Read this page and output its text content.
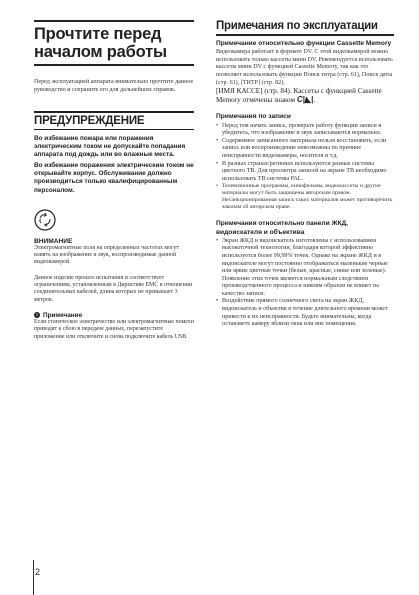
Прочтите перед началом работы
Перед эксплуатацией аппарата внимательно прочтите данное руководство и сохраните его для дальнейших справок.
ПРЕДУПРЕЖДЕНИЕ
Во избежание пожара или поражения электрическим током не допускайте попадания аппарата под дождь или во влажные места.
Во избежание поражения электрическим током не открывайте корпус. Обслуживание должно производиться только квалифицированным персоналом.
ВНИМАНИЕ
Электромагнитные поля на определенных частотах могут влиять на изображение и звук, воспроизводимые данной видеокамерой.
Данное изделие прошло испытания и соответствует ограничениям, установленным в Директиве ЕМС в отношении соединительных кабелей, длина которых не превышает 3 метров.
! Примечание
Если статическое электричество или электромагнитные помехи приводят к сбою в передаче данных, перезапустите приложение или отключите и снова подключите кабель USB.
Примечания по эксплуатации
Примечание относительно функции Cassette Memory
Видеокамера работает в формате DV. С этой видеокамерой можно использовать только кассеты мини DV. Рекомендуется использовать кассеты мини DV с функцией Cassette Memory, так как это позволяет использовать функции Поиск титра (стр. 61), Поиск даты (стр. 61), [ТИТР] (стр. 82),
[ИМЯ КАССЕ] (стр. 84). Кассеты с функцией Cassette Memory отмечены знаком C|◣|.
Примечания по записи
• Перед тем начать запись, проверьте работу функции записи и убедитесь, что изображение и звук записываются нормально.
• Содержимое записанного материала нельзя восстановить, если запись или воспроизведение невозможны по причине неисправности видеокамеры, носителя и т.д.
• В разных странах/регионах используются разные системы цветного ТВ. Для просмотра записей на экране ТВ необходимо использовать ТВ системы PAL.
• Телевизионные программы, кинофильмы, видеокассеты и другие материалы могут быть защищены авторским правом. Несанкционированная запись таких материалов может противоречить законам об авторском праве.
Примечания относительно панели ЖКД, видоискателя и объектива
• Экран ЖКД и видоискатель изготовлены с использованием высокоточной технологии, благодаря которой эффективно используется более 99,99% точек. Однако на экране ЖКД и в видоискателе могут постоянно отображаться маленькие черные или яркие цветные точки (белые, красные, синие или зеленые). Появление этих точек является нормальным следствием производственного процесса и никоим образом не влияет на качество записи.
• Воздействие прямого солнечного света на экран ЖКД, видоискатель и объектив в течение длительного времени может привести к их неисправности. Будьте внимательны, когда оставляете камеру вблизи окна или вне помещения.
2
